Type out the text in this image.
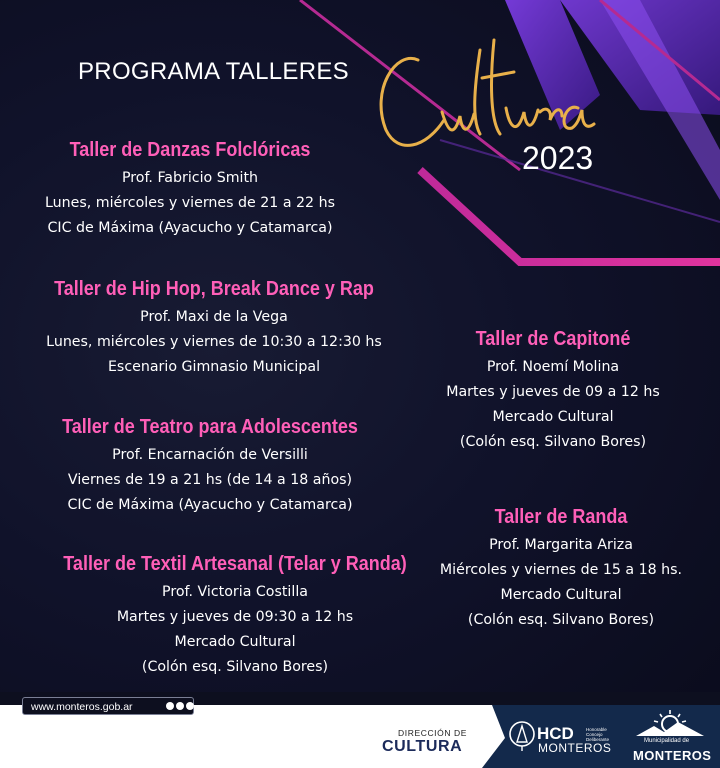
PROGRAMA TALLERES
2023
Taller de Danzas Folclóricas
Prof. Fabricio Smith
Lunes, miércoles y viernes de 21 a 22 hs
CIC de Máxima (Ayacucho y Catamarca)
Taller de Hip Hop, Break Dance y Rap
Prof. Maxi de la Vega
Lunes, miércoles y viernes de 10:30 a 12:30 hs
Escenario Gimnasio Municipal
Taller de Teatro para Adolescentes
Prof. Encarnación de Versilli
Viernes de 19 a 21 hs (de 14 a 18 años)
CIC de Máxima (Ayacucho y Catamarca)
Taller de Textil Artesanal (Telar y Randa)
Prof. Victoria Costilla
Martes y jueves de 09:30 a 12 hs
Mercado Cultural
(Colón esq. Silvano Bores)
Taller de Capitoné
Prof. Noemí Molina
Martes y jueves de 09 a 12 hs
Mercado Cultural
(Colón esq. Silvano Bores)
Taller de Randa
Prof. Margarita Ariza
Miércoles y viernes de 15 a 18 hs.
Mercado Cultural
(Colón esq. Silvano Bores)
www.monteros.gob.ar
DIRECCIÓN DE
CULTURA
HCD	Honorable Concejo Deliberante
MONTEROS	Municipalidad de
MONTEROS
